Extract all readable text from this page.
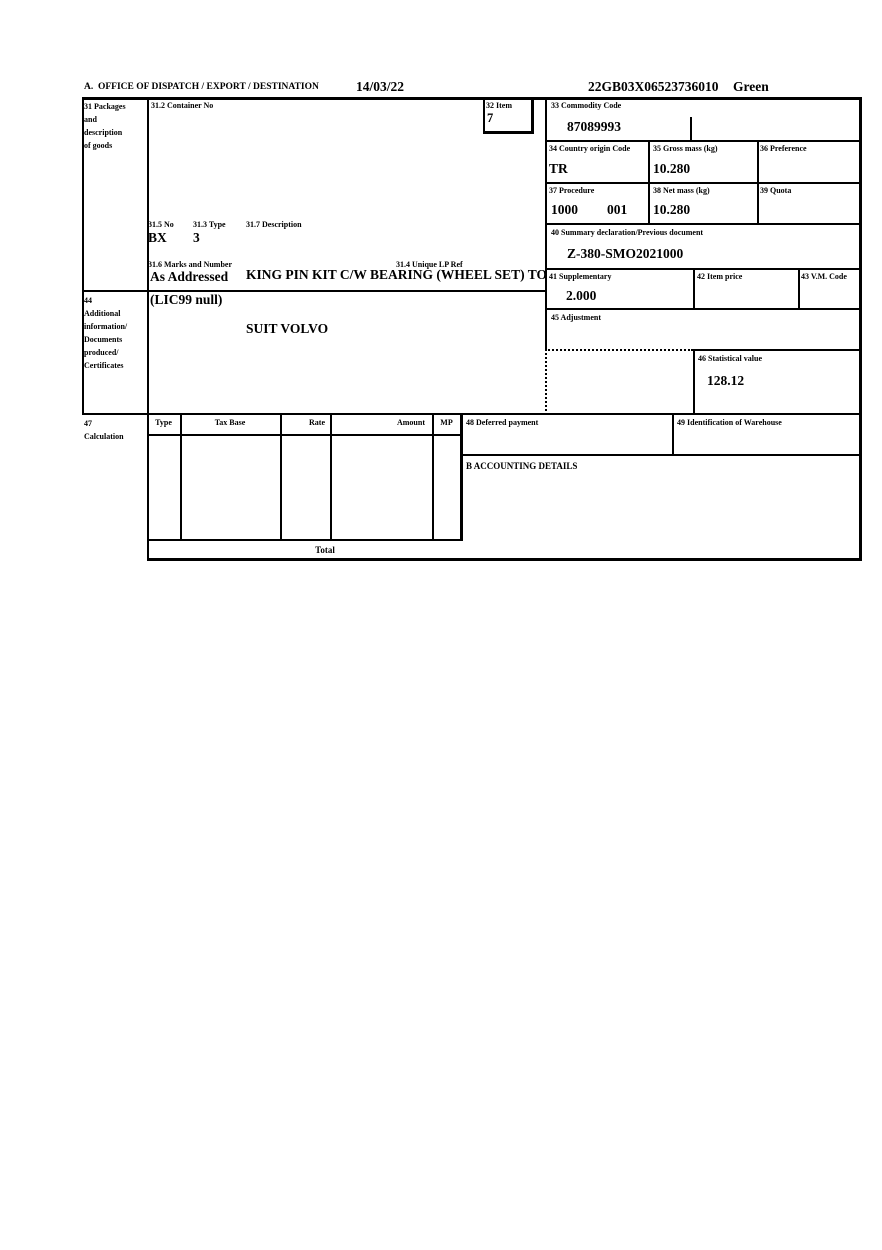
A.  OFFICE OF DISPATCH / EXPORT / DESTINATION	14/03/22	22GB03X06523736010 Green
31 Packages
and
description
of goods
31.2 Container No	32 Item
7
33 Commodity Code
87089993
34 Country origin Code
TR
35 Gross mass (kg)
10.280
36 Preference
37 Procedure
1000 001
38 Net mass (kg)
10.280
39 Quota
31.5 No 31.3 Type	31.7 Description
BX 3

KING PIN KIT C/W BEARING (WHEEL SET) TO

SUIT VOLVO

31.6 Marks and Number	31.4 Unique LP Ref
As Addressed
40 Summary declaration/Previous document
Z-380-SMO2021000
41 Supplementary
2.000
42 Item price	43 V.M. Code
44
Additional
information/
Documents
produced/
Certificates
(LIC99 null)
45 Adjustment
46 Statistical value
128.12
47
Calculation
Type	Tax Base	Rate	Amount	MP
Total
48 Deferred payment	49 Identification of Warehouse
B ACCOUNTING DETAILS
